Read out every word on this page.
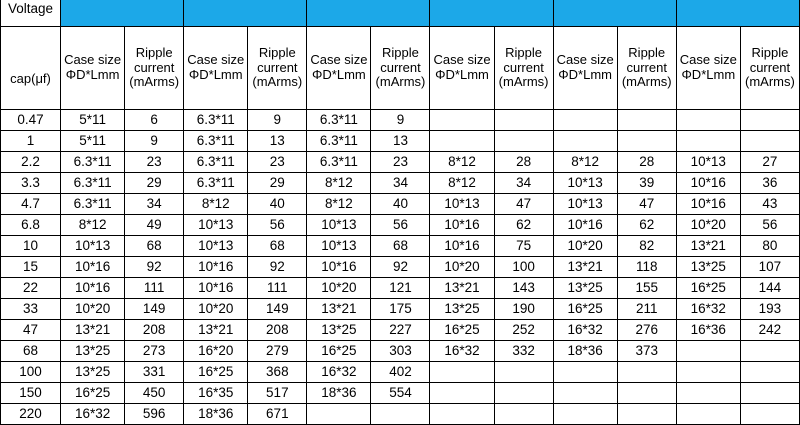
Voltage												
cap(μf)	Case size ΦD*Lmm	Ripple current (mArms)	Case size ΦD*Lmm	Ripple current (mArms)	Case size ΦD*Lmm	Ripple current (mArms)	Case size ΦD*Lmm	Ripple current (mArms)	Case size ΦD*Lmm	Ripple current (mArms)	Case size ΦD*Lmm	Ripple current (mArms)
0.47	5*11	6	6.3*11	9	6.3*11	9						
1	5*11	9	6.3*11	13	6.3*11	13						
2.2	6.3*11	23	6.3*11	23	6.3*11	23	8*12	28	8*12	28	10*13	27
3.3	6.3*11	29	6.3*11	29	8*12	34	8*12	34	10*13	39	10*16	36
4.7	6.3*11	34	8*12	40	8*12	40	10*13	47	10*13	47	10*16	43
6.8	8*12	49	10*13	56	10*13	56	10*16	62	10*16	62	10*20	56
10	10*13	68	10*13	68	10*13	68	10*16	75	10*20	82	13*21	80
15	10*16	92	10*16	92	10*16	92	10*20	100	13*21	118	13*25	107
22	10*16	111	10*16	111	10*20	121	13*21	143	13*25	155	16*25	144
33	10*20	149	10*20	149	13*21	175	13*25	190	16*25	211	16*32	193
47	13*21	208	13*21	208	13*25	227	16*25	252	16*32	276	16*36	242
68	13*25	273	16*20	279	16*25	303	16*32	332	18*36	373		
100	13*25	331	16*25	368	16*32	402						
150	16*25	450	16*35	517	18*36	554						
220	16*32	596	18*36	671								
